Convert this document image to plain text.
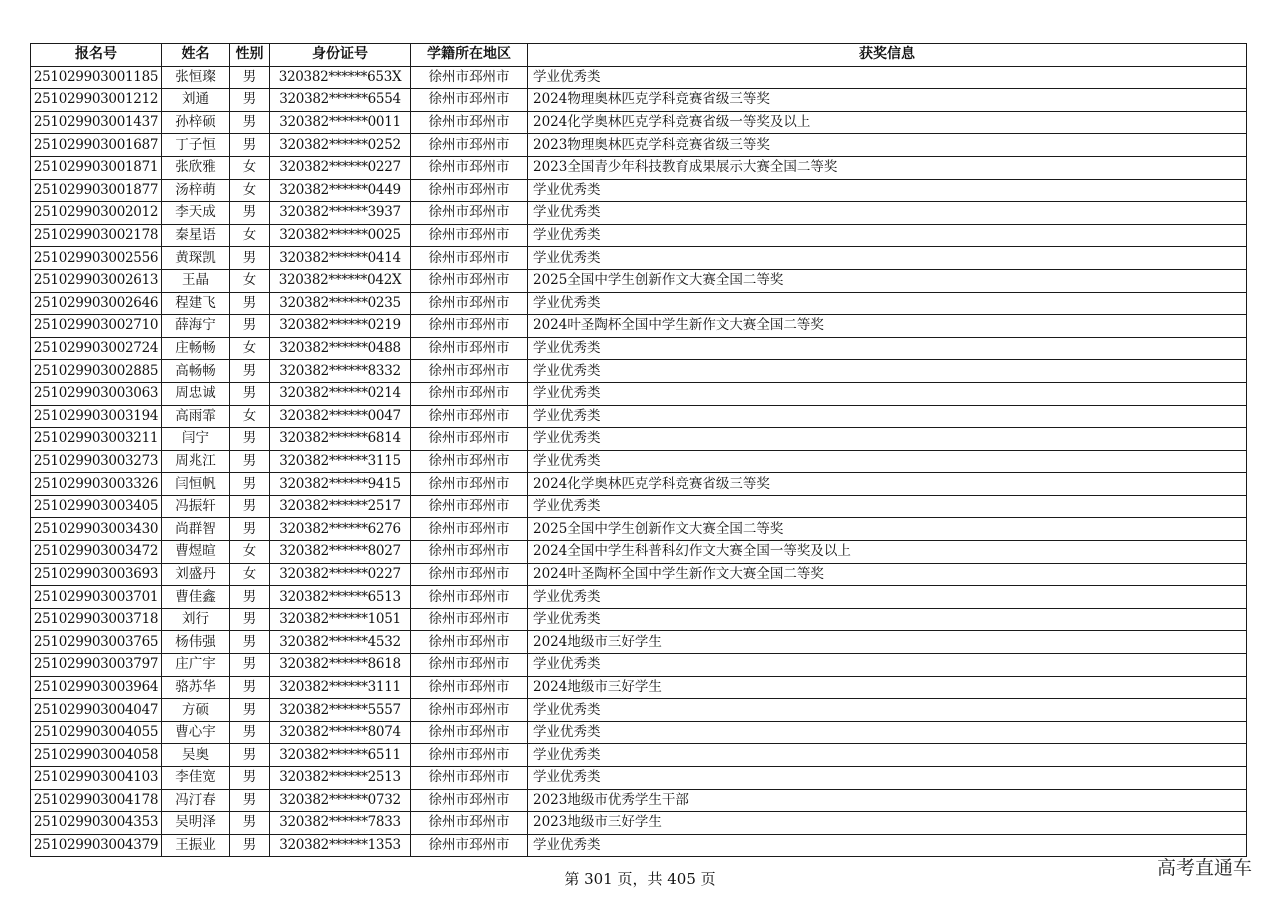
报名号	姓名	性别	身份证号	学籍所在地区	获奖信息
251029903001185	张恒璨	男	320382******653X	徐州市邳州市	学业优秀类
251029903001212	刘通	男	320382******6554	徐州市邳州市	2024物理奥林匹克学科竞赛省级三等奖
251029903001437	孙梓硕	男	320382******0011	徐州市邳州市	2024化学奥林匹克学科竞赛省级一等奖及以上
251029903001687	丁子恒	男	320382******0252	徐州市邳州市	2023物理奥林匹克学科竞赛省级三等奖
251029903001871	张欣雅	女	320382******0227	徐州市邳州市	2023全国青少年科技教育成果展示大赛全国二等奖
251029903001877	汤梓萌	女	320382******0449	徐州市邳州市	学业优秀类
251029903002012	李天成	男	320382******3937	徐州市邳州市	学业优秀类
251029903002178	秦星语	女	320382******0025	徐州市邳州市	学业优秀类
251029903002556	黄琛凯	男	320382******0414	徐州市邳州市	学业优秀类
251029903002613	王晶	女	320382******042X	徐州市邳州市	2025全国中学生创新作文大赛全国二等奖
251029903002646	程建飞	男	320382******0235	徐州市邳州市	学业优秀类
251029903002710	薛海宁	男	320382******0219	徐州市邳州市	2024叶圣陶杯全国中学生新作文大赛全国二等奖
251029903002724	庄畅畅	女	320382******0488	徐州市邳州市	学业优秀类
251029903002885	高畅畅	男	320382******8332	徐州市邳州市	学业优秀类
251029903003063	周忠诚	男	320382******0214	徐州市邳州市	学业优秀类
251029903003194	高雨霏	女	320382******0047	徐州市邳州市	学业优秀类
251029903003211	闫宁	男	320382******6814	徐州市邳州市	学业优秀类
251029903003273	周兆江	男	320382******3115	徐州市邳州市	学业优秀类
251029903003326	闫恒帆	男	320382******9415	徐州市邳州市	2024化学奥林匹克学科竞赛省级三等奖
251029903003405	冯振轩	男	320382******2517	徐州市邳州市	学业优秀类
251029903003430	尚群智	男	320382******6276	徐州市邳州市	2025全国中学生创新作文大赛全国二等奖
251029903003472	曹煜暄	女	320382******8027	徐州市邳州市	2024全国中学生科普科幻作文大赛全国一等奖及以上
251029903003693	刘盛丹	女	320382******0227	徐州市邳州市	2024叶圣陶杯全国中学生新作文大赛全国二等奖
251029903003701	曹佳鑫	男	320382******6513	徐州市邳州市	学业优秀类
251029903003718	刘行	男	320382******1051	徐州市邳州市	学业优秀类
251029903003765	杨伟强	男	320382******4532	徐州市邳州市	2024地级市三好学生
251029903003797	庄广宇	男	320382******8618	徐州市邳州市	学业优秀类
251029903003964	骆苏华	男	320382******3111	徐州市邳州市	2024地级市三好学生
251029903004047	方硕	男	320382******5557	徐州市邳州市	学业优秀类
251029903004055	曹心宇	男	320382******8074	徐州市邳州市	学业优秀类
251029903004058	吴奥	男	320382******6511	徐州市邳州市	学业优秀类
251029903004103	李佳宽	男	320382******2513	徐州市邳州市	学业优秀类
251029903004178	冯汀春	男	320382******0732	徐州市邳州市	2023地级市优秀学生干部
251029903004353	吴明泽	男	320382******7833	徐州市邳州市	2023地级市三好学生
251029903004379	王振业	男	320382******1353	徐州市邳州市	学业优秀类
第 301 页，共 405 页	高考直通车
